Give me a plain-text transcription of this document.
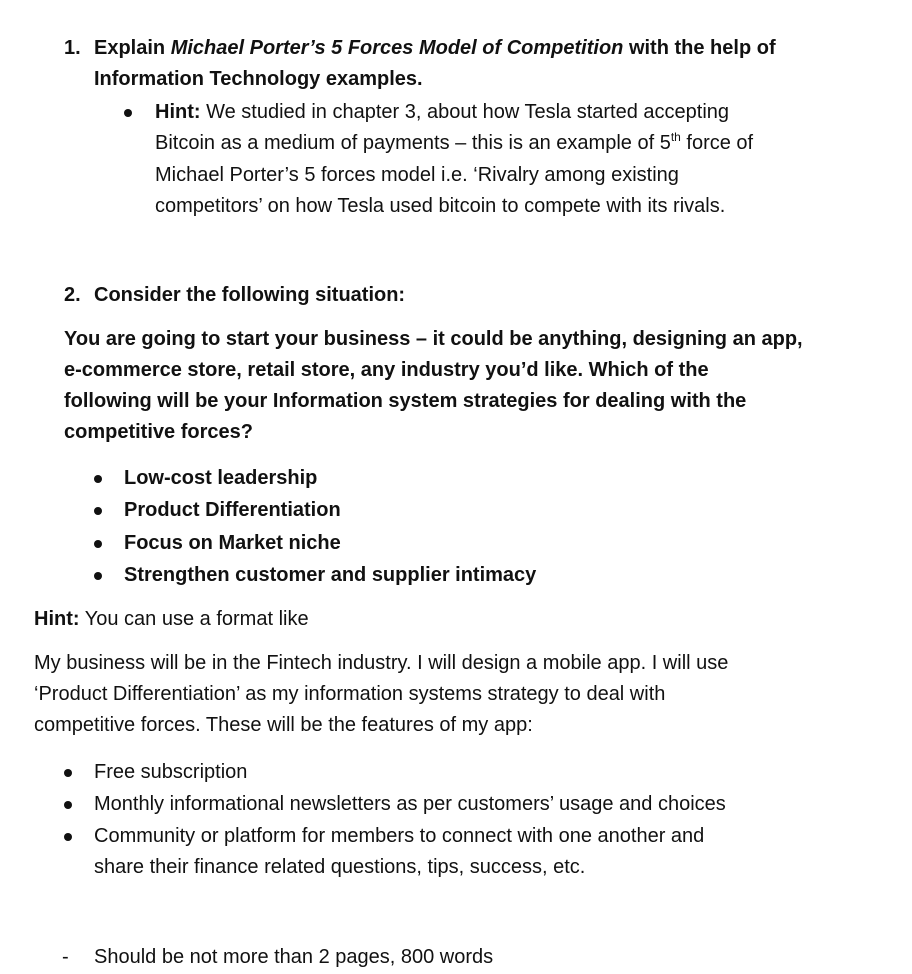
1. Explain Michael Porter’s 5 Forces Model of Competition with the help of
Information Technology examples.
Hint: We studied in chapter 3, about how Tesla started accepting
Bitcoin as a medium of payments – this is an example of 5th force of
Michael Porter’s 5 forces model i.e. ‘Rivalry among existing
competitors’ on how Tesla used bitcoin to compete with its rivals.
2. Consider the following situation:
You are going to start your business – it could be anything, designing an app,
e-commerce store, retail store, any industry you’d like. Which of the
following will be your Information system strategies for dealing with the
competitive forces?
Low-cost leadership
Product Differentiation
Focus on Market niche
Strengthen customer and supplier intimacy
Hint: You can use a format like
My business will be in the Fintech industry. I will design a mobile app. I will use
‘Product Differentiation’ as my information systems strategy to deal with
competitive forces. These will be the features of my app:
Free subscription
Monthly informational newsletters as per customers’ usage and choices
Community or platform for members to connect with one another and
share their finance related questions, tips, success, etc.
- Should be not more than 2 pages, 800 words
